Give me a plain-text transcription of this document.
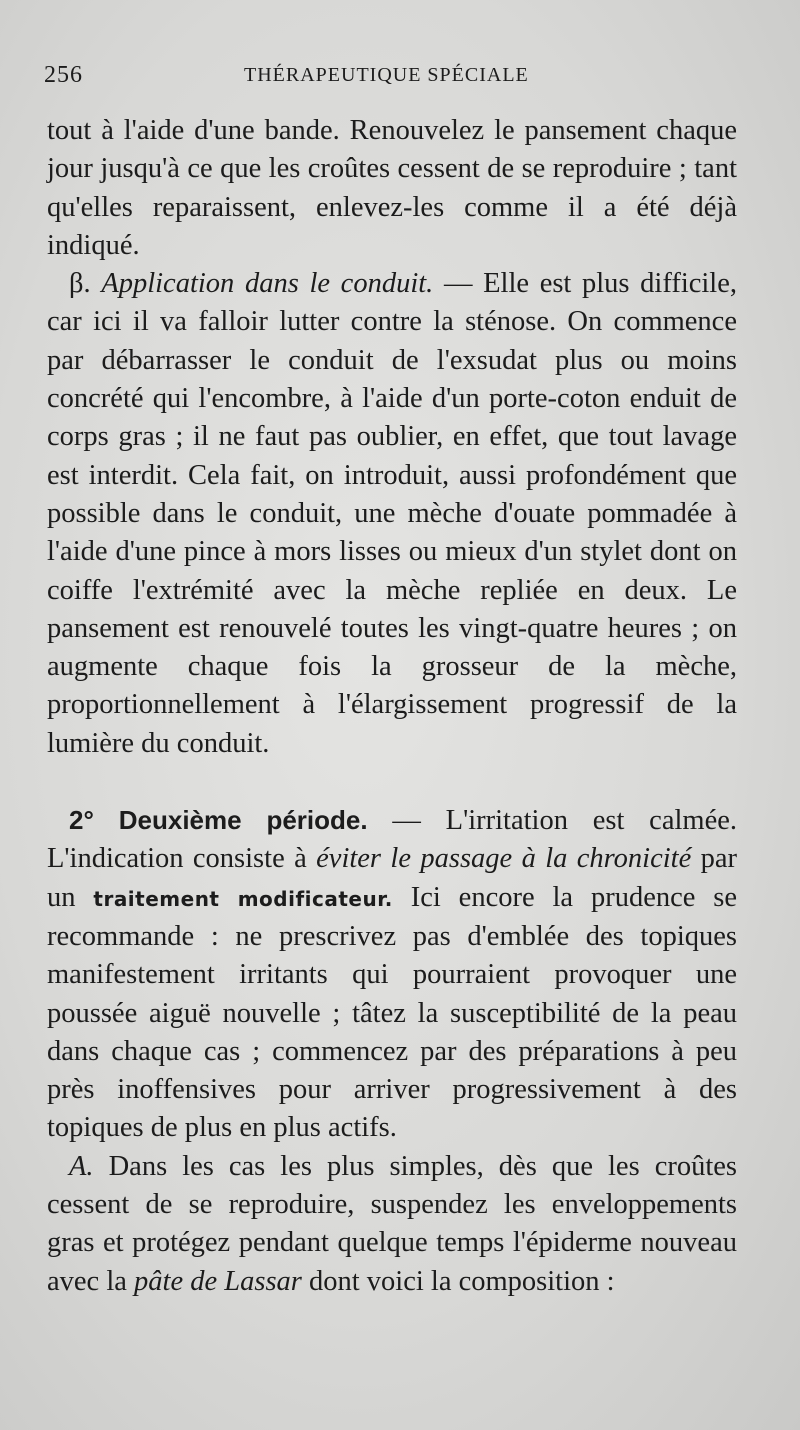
256	THÉRAPEUTIQUE SPÉCIALE

tout à l'aide d'une bande. Renouvelez le pansement chaque jour jusqu'à ce que les croûtes cessent de se reproduire ; tant qu'elles reparaissent, enlevez-les comme il a été déjà indiqué.

β. Application dans le conduit. — Elle est plus difficile, car ici il va falloir lutter contre la sténose. On commence par débarrasser le conduit de l'exsudat plus ou moins concrété qui l'encombre, à l'aide d'un porte-coton enduit de corps gras ; il ne faut pas oublier, en effet, que tout lavage est interdit. Cela fait, on introduit, aussi profondément que possible dans le conduit, une mèche d'ouate pommadée à l'aide d'une pince à mors lisses ou mieux d'un stylet dont on coiffe l'extrémité avec la mèche repliée en deux. Le pansement est renouvelé toutes les vingt-quatre heures ; on augmente chaque fois la grosseur de la mèche, proportionnellement à l'élargissement progressif de la lumière du conduit.

2° Deuxième période. — L'irritation est calmée. L'indication consiste à éviter le passage à la chronicité par un traitement modificateur. Ici encore la prudence se recommande : ne prescrivez pas d'emblée des topiques manifestement irritants qui pourraient provoquer une poussée aiguë nouvelle ; tâtez la susceptibilité de la peau dans chaque cas ; commencez par des préparations à peu près inoffensives pour arriver progressivement à des topiques de plus en plus actifs.

A. Dans les cas les plus simples, dès que les croûtes cessent de se reproduire, suspendez les enveloppements gras et protégez pendant quelque temps l'épiderme nouveau avec la pâte de Lassar dont voici la composition :
